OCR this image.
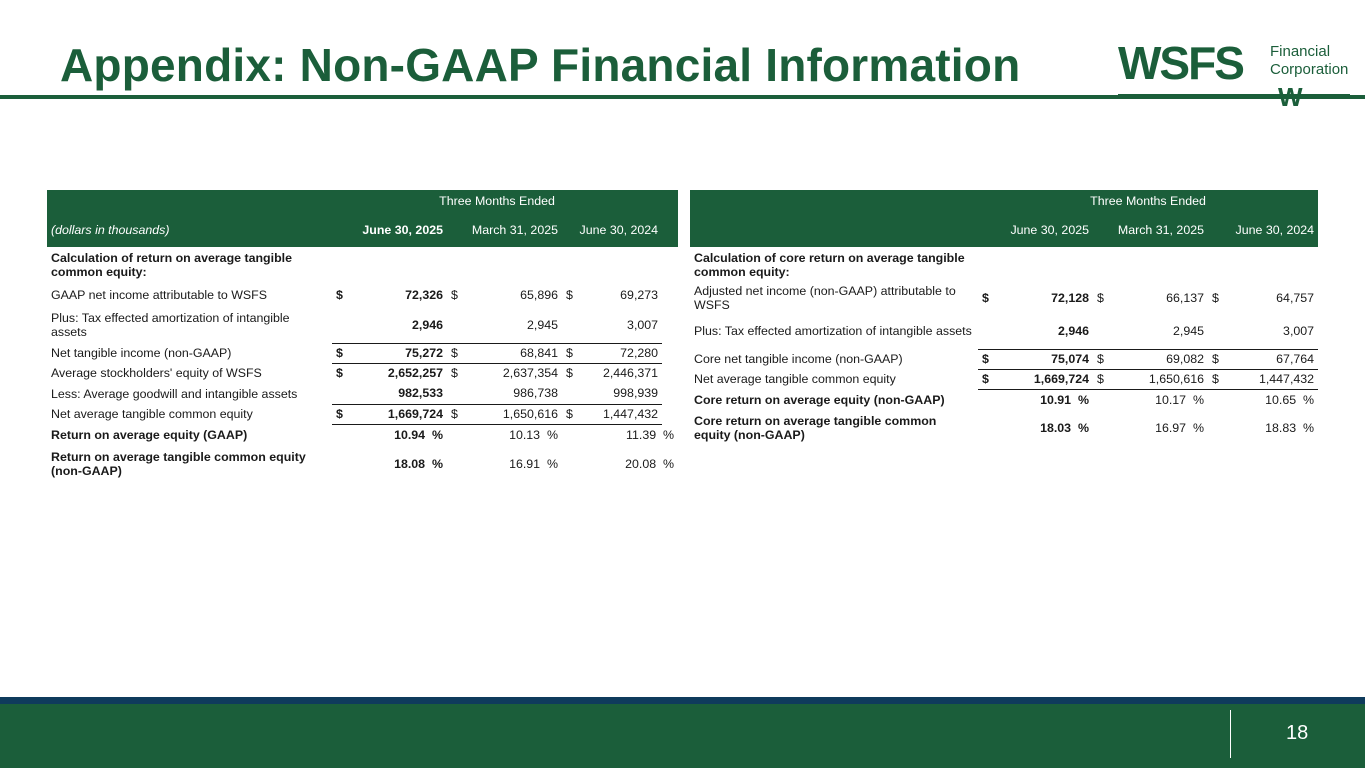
Appendix: Non-GAAP Financial Information WSFS Financial
Corporation
W
	Three Months Ended						
(dollars in thousands)	June 30, 2025		March 31, 2025		June 30, 2024		
Calculation of return on average tangible common equity:							
GAAP net income attributable to WSFS	$	72,326	$	65,896	$	69,273	
Plus: Tax effected amortization of intangible assets		2,946		2,945		3,007	
Net tangible income (non-GAAP)	$	75,272	$	68,841	$	72,280	
Average stockholders' equity of WSFS	$	2,652,257	$	2,637,354	$	2,446,371	
Less: Average goodwill and intangible assets		982,533		986,738		998,939	
Net average tangible common equity	$	1,669,724	$	1,650,616	$	1,447,432	
Return on average equity (GAAP)		10.94 %		10.13 %		11.39 %	
Return on average tangible common equity (non-GAAP)		18.08 %		16.91 %		20.08 %	
	Three Months Ended					
	June 30, 2025		March 31, 2025		June 30, 2024	
Calculation of core return on average tangible common equity:						
Adjusted net income (non-GAAP) attributable to WSFS	$	72,128	$	66,137	$	64,757
Plus: Tax effected amortization of intangible assets		2,946		2,945		3,007
Core net tangible income (non-GAAP)	$	75,074	$	69,082	$	67,764
Net average tangible common equity	$	1,669,724	$	1,650,616	$	1,447,432
Core return on average equity (non-GAAP)		10.91 %		10.17 %		10.65 %
Core return on average tangible common equity (non-GAAP)		18.03 %		16.97 %		18.83 %
18
